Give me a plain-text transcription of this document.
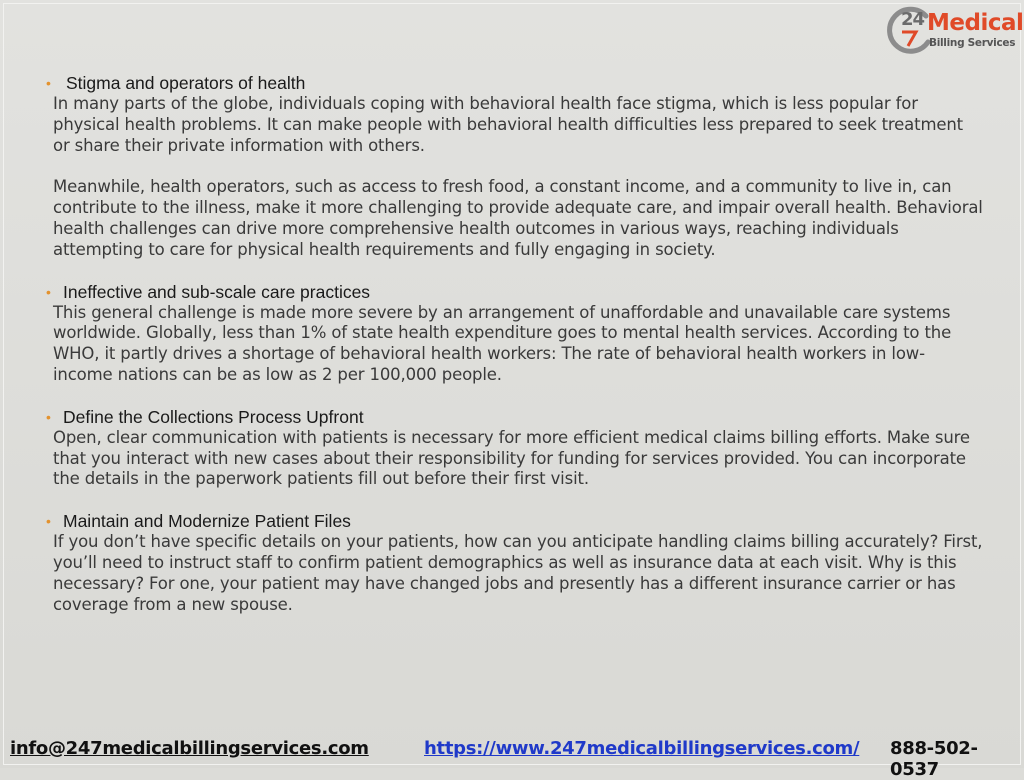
24 Medical
Billing Services
• Stigma and operators of health

In many parts of the globe, individuals coping with behavioral health face stigma, which is less popular for physical health problems. It can make people with behavioral health difficulties less prepared to seek treatment or share their private information with others.

Meanwhile, health operators, such as access to fresh food, a constant income, and a community to live in, can contribute to the illness, make it more challenging to provide adequate care, and impair overall health. Behavioral health challenges can drive more comprehensive health outcomes in various ways, reaching individuals attempting to care for physical health requirements and fully engaging in society.

• Ineffective and sub-scale care practices

This general challenge is made more severe by an arrangement of unaffordable and unavailable care systems worldwide. Globally, less than 1% of state health expenditure goes to mental health services. According to the WHO, it partly drives a shortage of behavioral health workers: The rate of behavioral health workers in low-income nations can be as low as 2 per 100,000 people.

• Define the Collections Process Upfront

Open, clear communication with patients is necessary for more efficient medical claims billing efforts. Make sure that you interact with new cases about their responsibility for funding for services provided. You can incorporate the details in the paperwork patients fill out before their first visit.

• Maintain and Modernize Patient Files

If you don’t have specific details on your patients, how can you anticipate handling claims billing accurately? First, you’ll need to instruct staff to confirm patient demographics as well as insurance data at each visit. Why is this necessary? For one, your patient may have changed jobs and presently has a different insurance carrier or has coverage from a new spouse.

info@247medicalbillingservices.com	https://www.247medicalbillingservices.com/ 888-502-0537
